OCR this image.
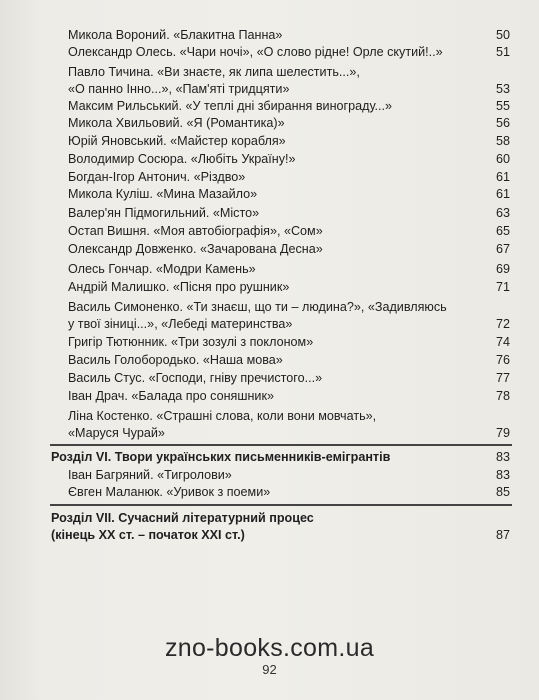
Микола Вороний. «Блакитна Панна»	50
Олександр Олесь. «Чари ночі», «О слово рідне! Орле скутий!..»	51
Павло Тичина. «Ви знаєте, як липа шелестить...»,
«О панно Інно...», «Пам'яті тридцяти»	53
Максим Рильський. «У теплі дні збирання винограду...»	55
Микола Хвильовий. «Я (Романтика)»	56
Юрій Яновський. «Майстер корабля»	58
Володимир Сосюра. «Любіть Україну!»	60
Богдан-Ігор Антонич. «Різдво»	61
Микола Куліш. «Мина Мазайло»	61
Валер'ян Підмогильний. «Місто»	63
Остап Вишня. «Моя автобіографія», «Сом»	65
Олександр Довженко. «Зачарована Десна»	67
Олесь Гончар. «Модри Камень»	69
Андрій Малишко. «Пісня про рушник»	71
Василь Симоненко. «Ти знаєш, що ти – людина?», «Задивляюсь
у твої зіниці...», «Лебеді материнства»	72
Григір Тютюнник. «Три зозулі з поклоном»	74
Василь Голобородько. «Наша мова»	76
Василь Стус. «Господи, гніву пречистого...»	77
Іван Драч. «Балада про соняшник»	78
Ліна Костенко. «Страшні слова, коли вони мовчать»,
«Маруся Чурай»	79
Розділ VI. Твори українських письменників-емігрантів	83
Іван Багряний. «Тигролови»	83
Євген Маланюк. «Уривок з поеми»	85
Розділ VII. Сучасний літературний процес
(кінець ХХ ст. – початок ХХІ ст.)	87
zno-books.com.ua
92
